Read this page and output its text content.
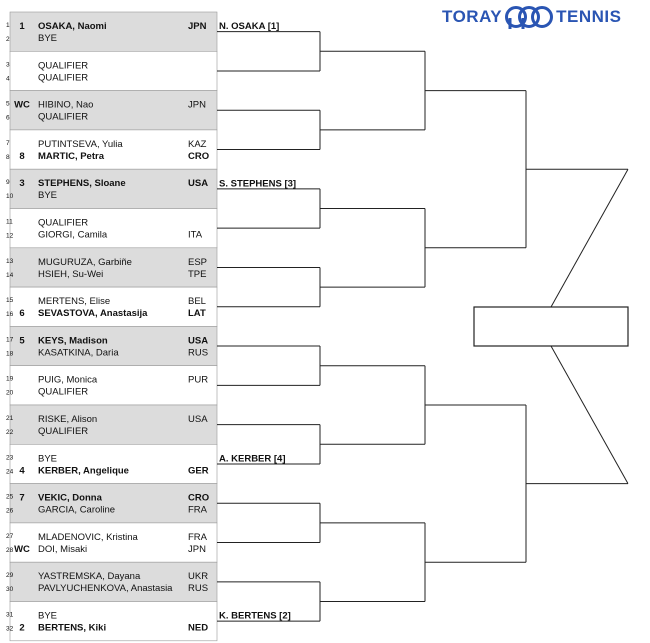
1 1 OSAKA, Naomi	JPN
2	BYE
3	QUALIFIER
4	QUALIFIER
5 WC HIBINO, Nao	JPN
6	QUALIFIER
7	PUTINTSEVA, Yulia	KAZ
8 8 MARTIC, Petra	CRO
9 3 STEPHENS, Sloane	USA
10	BYE
11	QUALIFIER
12	GIORGI, Camila	ITA
13	MUGURUZA, Garbiñe	ESP
14	HSIEH, Su-Wei	TPE
15	MERTENS, Elise	BEL
16 6 SEVASTOVA, Anastasija	LAT
17 5 KEYS, Madison	USA
18	KASATKINA, Daria	RUS
19	PUIG, Monica	PUR
20	QUALIFIER
21	RISKE, Alison	USA
22	QUALIFIER
23	BYE
24 4 KERBER, Angelique	GER
25 7 VEKIC, Donna	CRO
26	GARCIA, Caroline	FRA
27	MLADENOVIC, Kristina	FRA
28 WC DOI, Misaki	JPN
29	YASTREMSKA, Dayana	UKR
30	PAVLYUCHENKOVA, Anastasia RUS
31	BYE
32 2 BERTENS, Kiki	NED
N. OSAKA [1]
S. STEPHENS [3]
A. KERBER [4]
K. BERTENS [2]
TORAY	TENNIS
